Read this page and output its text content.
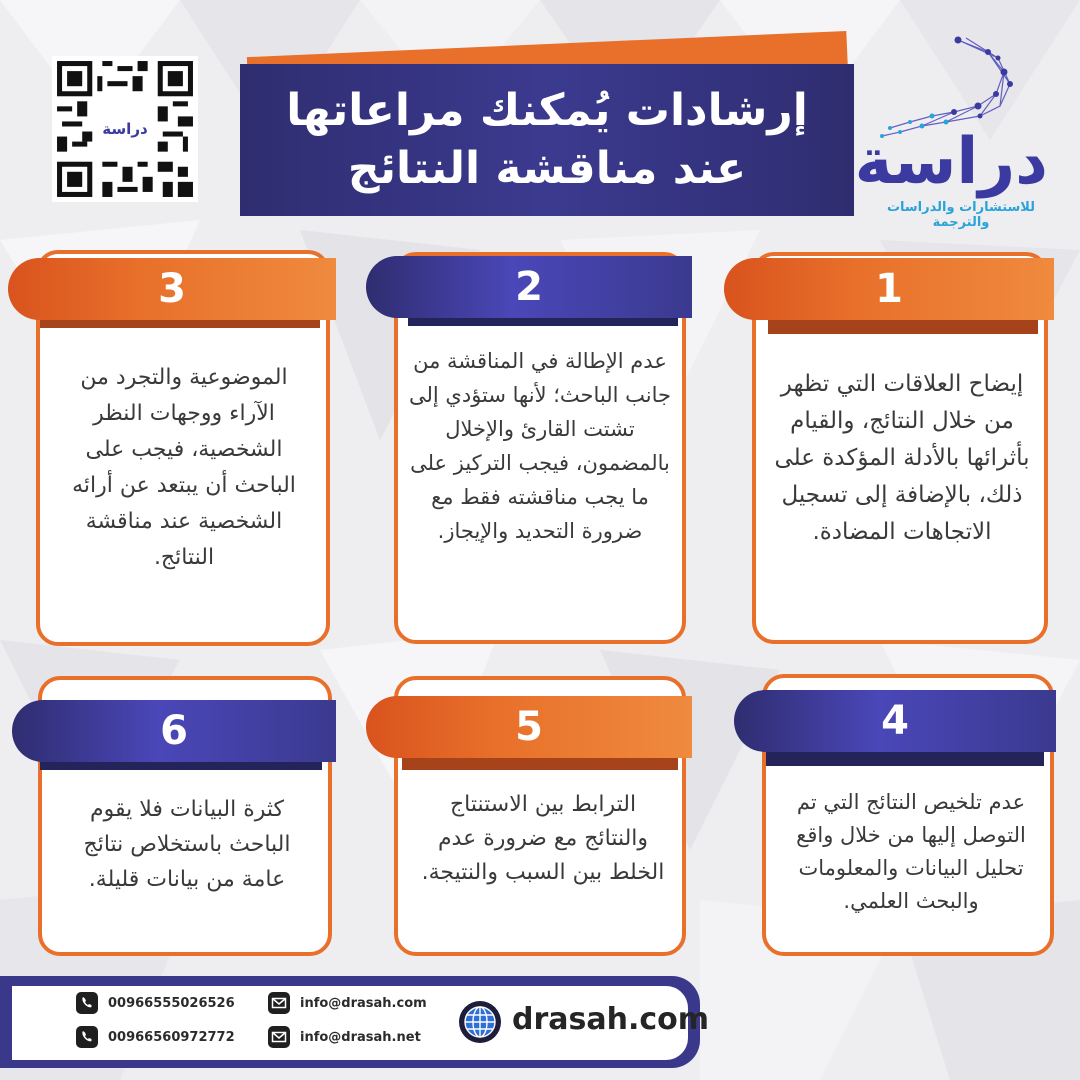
دراسة	إرشادات يُمكنك مراعاتها
عند مناقشة النتائج دراسة
للاستشارات والدراسات والترجمة
1
إيضاح العلاقات التي تظهر من خلال النتائج، والقيام بأثرائها بالأدلة المؤكدة على ذلك، بالإضافة إلى تسجيل الاتجاهات المضادة.
2
عدم الإطالة في المناقشة من جانب الباحث؛ لأنها ستؤدي إلى تشتت القارئ والإخلال بالمضمون، فيجب التركيز على ما يجب مناقشته فقط مع ضرورة التحديد والإيجاز.
3
الموضوعية والتجرد من الآراء ووجهات النظر الشخصية، فيجب على الباحث أن يبتعد عن أرائه الشخصية عند مناقشة النتائج.
4
عدم تلخيص النتائج التي تم التوصل إليها من خلال واقع تحليل البيانات والمعلومات والبحث العلمي.
5
الترابط بين الاستنتاج والنتائج مع ضرورة عدم الخلط بين السبب والنتيجة.
6
كثرة البيانات فلا يقوم الباحث باستخلاص نتائج عامة من بيانات قليلة.
00966555026526
00966560972772
info@drasah.com
info@drasah.net	drasah.com
